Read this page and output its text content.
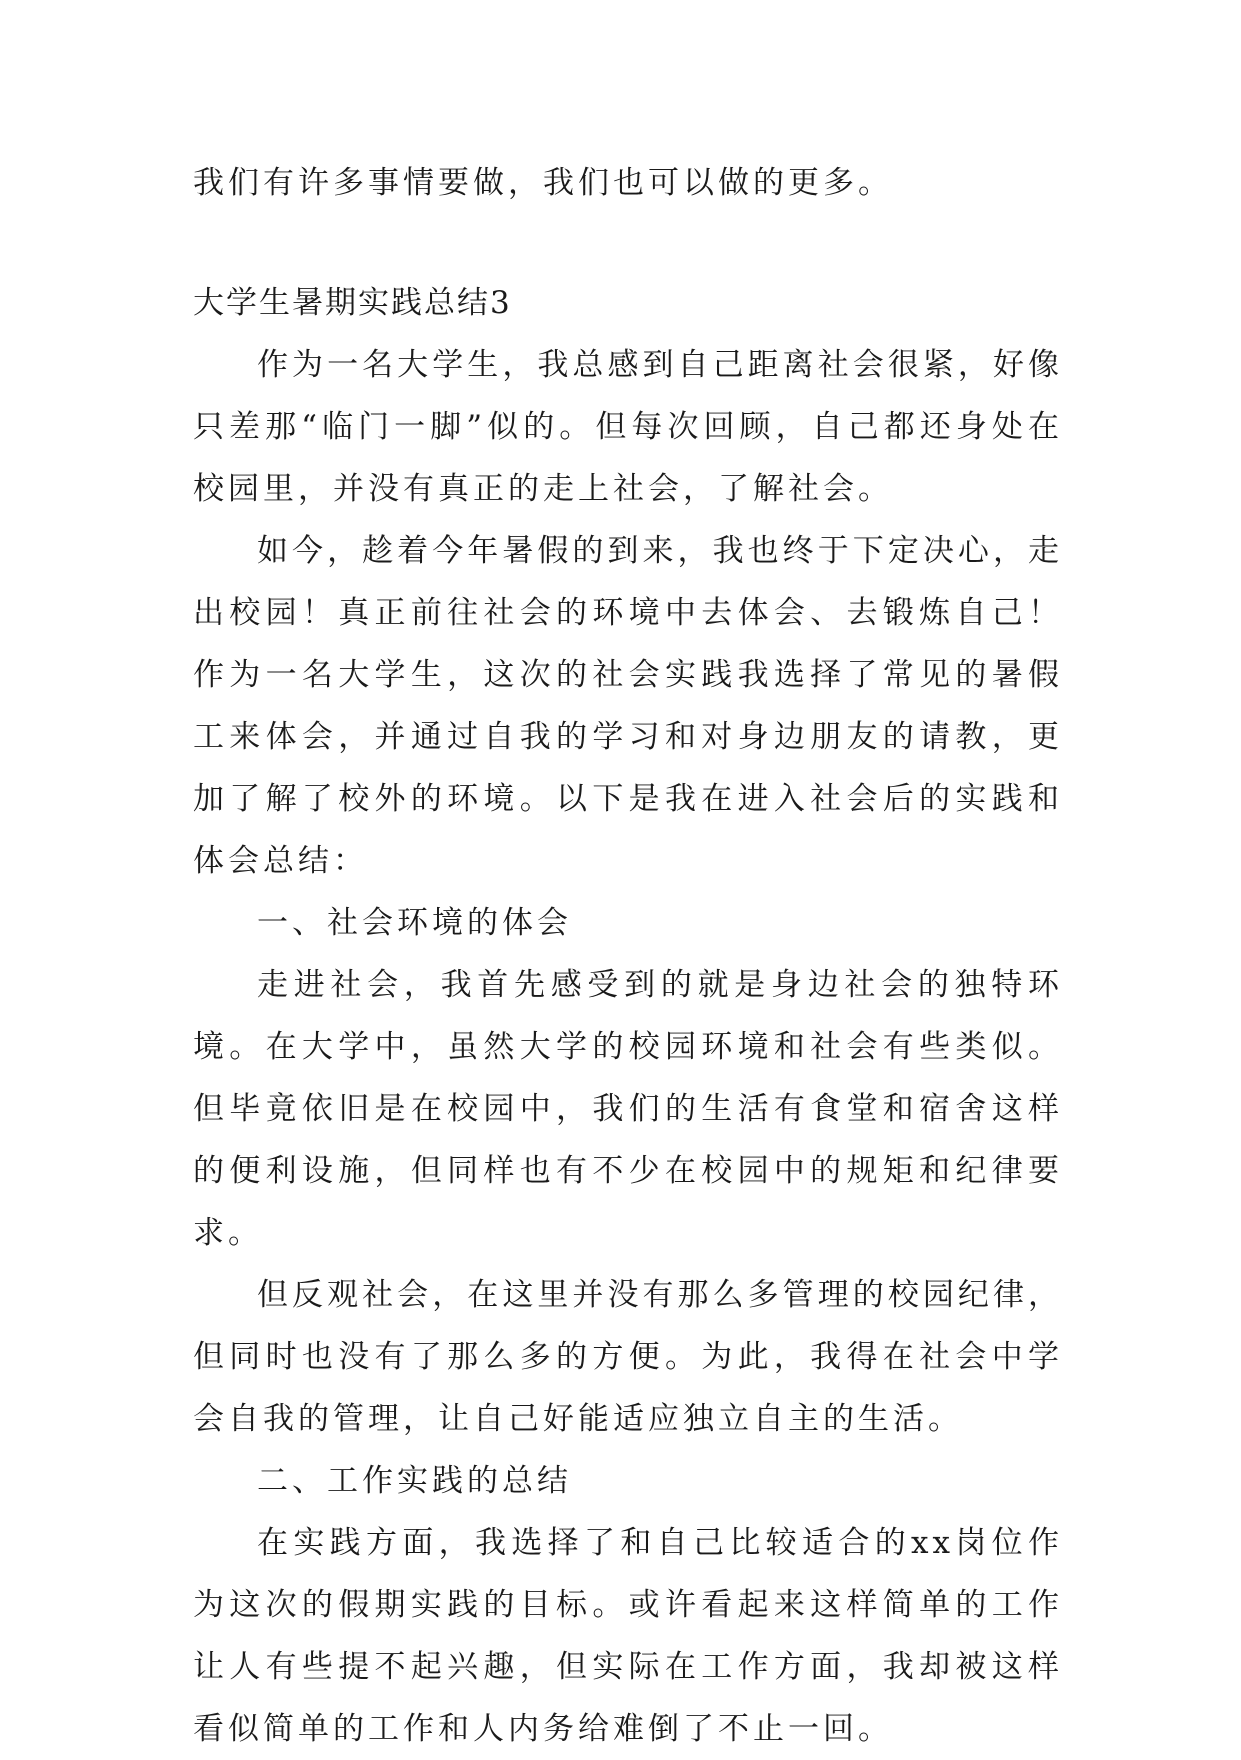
我们有许多事情要做，我们也可以做的更多。

大学生暑期实践总结3

作为一名大学生，我总感到自己距离社会很紧，好像只差那“临门一脚”似的。但每次回顾，自己都还身处在校园里，并没有真正的走上社会，了解社会。

如今，趁着今年暑假的到来，我也终于下定决心，走出校园！真正前往社会的环境中去体会、去锻炼自己！作为一名大学生，这次的社会实践我选择了常见的暑假工来体会，并通过自我的学习和对身边朋友的请教，更加了解了校外的环境。以下是我在进入社会后的实践和体会总结：

一、社会环境的体会

走进社会，我首先感受到的就是身边社会的独特环境。在大学中，虽然大学的校园环境和社会有些类似。但毕竟依旧是在校园中，我们的生活有食堂和宿舍这样的便利设施，但同样也有不少在校园中的规矩和纪律要求。

但反观社会，在这里并没有那么多管理的校园纪律，但同时也没有了那么多的方便。为此，我得在社会中学会自我的管理，让自己好能适应独立自主的生活。

二、工作实践的总结

在实践方面，我选择了和自己比较适合的xx岗位作为这次的假期实践的目标。或许看起来这样简单的工作让人有些提不起兴趣，但实际在工作方面，我却被这样看似简单的工作和人内务给难倒了不止一回。
